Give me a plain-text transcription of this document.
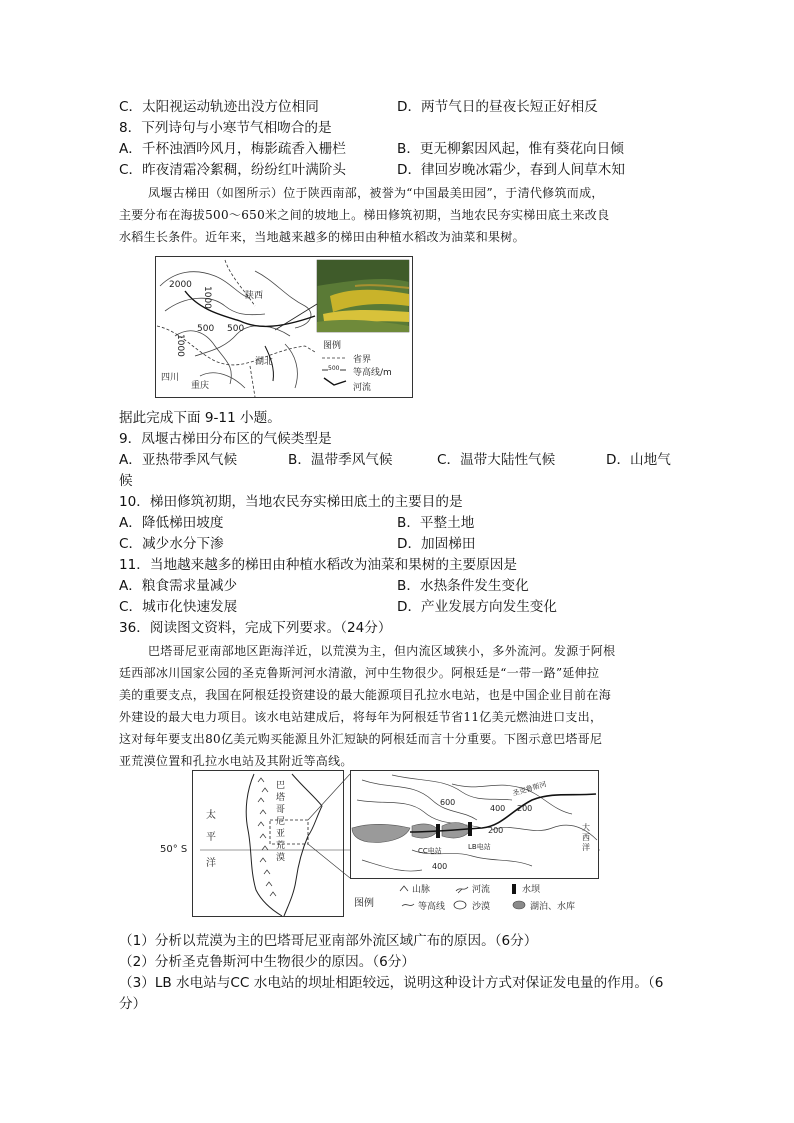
C．太阳视运动轨迹出没方位相同	D．两节气日的昼夜长短正好相反
8．下列诗句与小寒节气相吻合的是
A．千杯浊酒吟风月，梅影疏香入栅栏	B．更无柳絮因风起，惟有葵花向日倾
C．昨夜清霜冷絮稠，纷纷红叶满阶头	D．律回岁晚冰霜少，春到人间草木知
凤堰古梯田（如图所示）位于陕西南部，被誉为“中国最美田园”，于清代修筑而成，
主要分布在海拔500～650米之间的坡地上。梯田修筑初期，当地农民夯实梯田底土来改良
水稻生长条件。近年来，当地越来越多的梯田由种植水稻改为油菜和果树。
2000
1000	陕西
500 500
1000
湖北
四川
重庆
图例
500
省界
等高线/m
河流
据此完成下面 9-11 小题。
9．凤堰古梯田分布区的气候类型是
A．亚热带季风气候	B．温带季风气候	C．温带大陆性气候	D．山地气
候
10．梯田修筑初期，当地农民夯实梯田底土的主要目的是
A．降低梯田坡度	B．平整土地
C．减少水分下渗	D．加固梯田
11．当地越来越多的梯田由种植水稻改为油菜和果树的主要原因是
A．粮食需求量减少	B．水热条件发生变化
C．城市化快速发展	D．产业发展方向发生变化
36．阅读图文资料，完成下列要求。（24分）
巴塔哥尼亚南部地区距海洋近，以荒漠为主，但内流区域狭小，多外流河。发源于阿根
廷西部冰川国家公园的圣克鲁斯河河水清澈，河中生物很少。阿根廷是“一带一路”延伸拉
美的重要支点，我国在阿根廷投资建设的最大能源项目孔拉水电站，也是中国企业目前在海
外建设的最大电力项目。该水电站建成后，将每年为阿根廷节省11亿美元燃油进口支出，
这对每年要支出80亿美元购买能源且外汇短缺的阿根廷而言十分重要。下图示意巴塔哥尼
亚荒漠位置和孔拉水电站及其附近等高线。
太
平
洋
50° S
巴
塔
哥
尼
亚
荒
漠
600
400 200
200
400
圣克鲁斯河
CC电站	LB电站
大
西
洋
图例
山脉	河流	水坝
等高线	沙漠	湖泊、水库
（1）分析以荒漠为主的巴塔哥尼亚南部外流区域广布的原因。（6分）
（2）分析圣克鲁斯河中生物很少的原因。（6分）
（3）LB 水电站与CC 水电站的坝址相距较远，说明这种设计方式对保证发电量的作用。（6
分）
